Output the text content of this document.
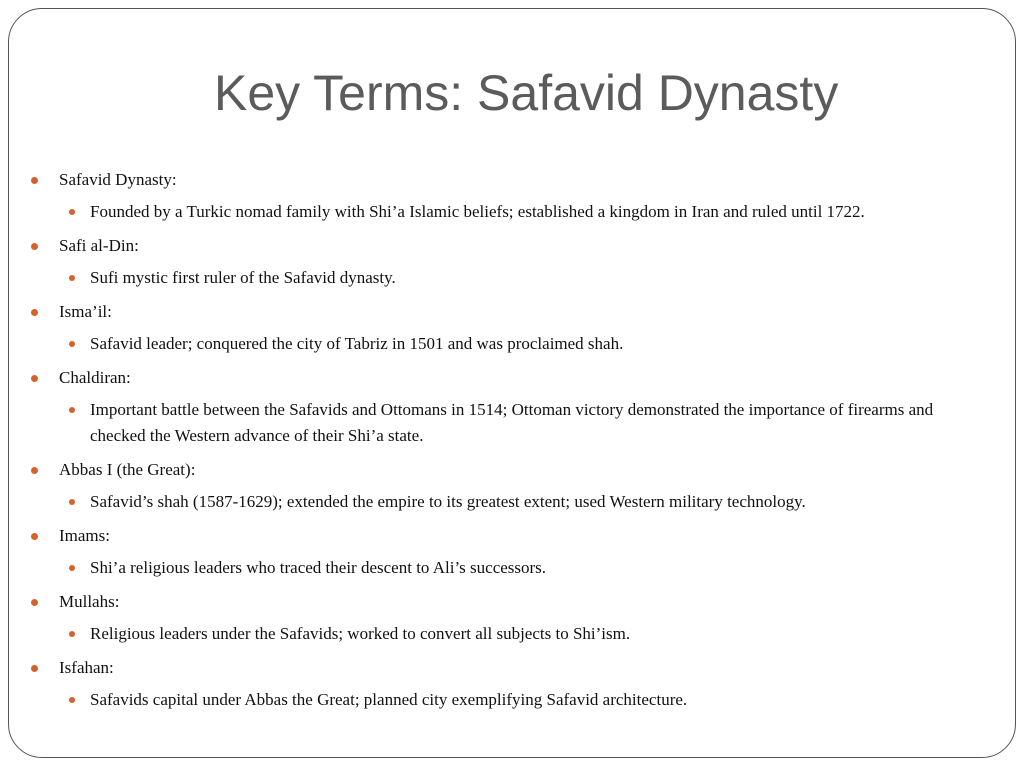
Key Terms: Safavid Dynasty
Safavid Dynasty:
Founded by a Turkic nomad family with Shi’a Islamic beliefs; established a kingdom in Iran and ruled until 1722.
Safi al-Din:
Sufi mystic first ruler of the Safavid dynasty.
Isma’il:
Safavid leader; conquered the city of Tabriz in 1501 and was proclaimed shah.
Chaldiran:
Important battle between the Safavids and Ottomans in 1514; Ottoman victory demonstrated the importance of firearms and checked the Western advance of their Shi’a state.
Abbas I (the Great):
Safavid’s shah (1587-1629); extended the empire to its greatest extent; used Western military technology.
Imams:
Shi’a religious leaders who traced their descent to Ali’s successors.
Mullahs:
Religious leaders under the Safavids; worked to convert all subjects to Shi’ism.
Isfahan:
Safavids capital under Abbas the Great; planned city exemplifying Safavid architecture.
